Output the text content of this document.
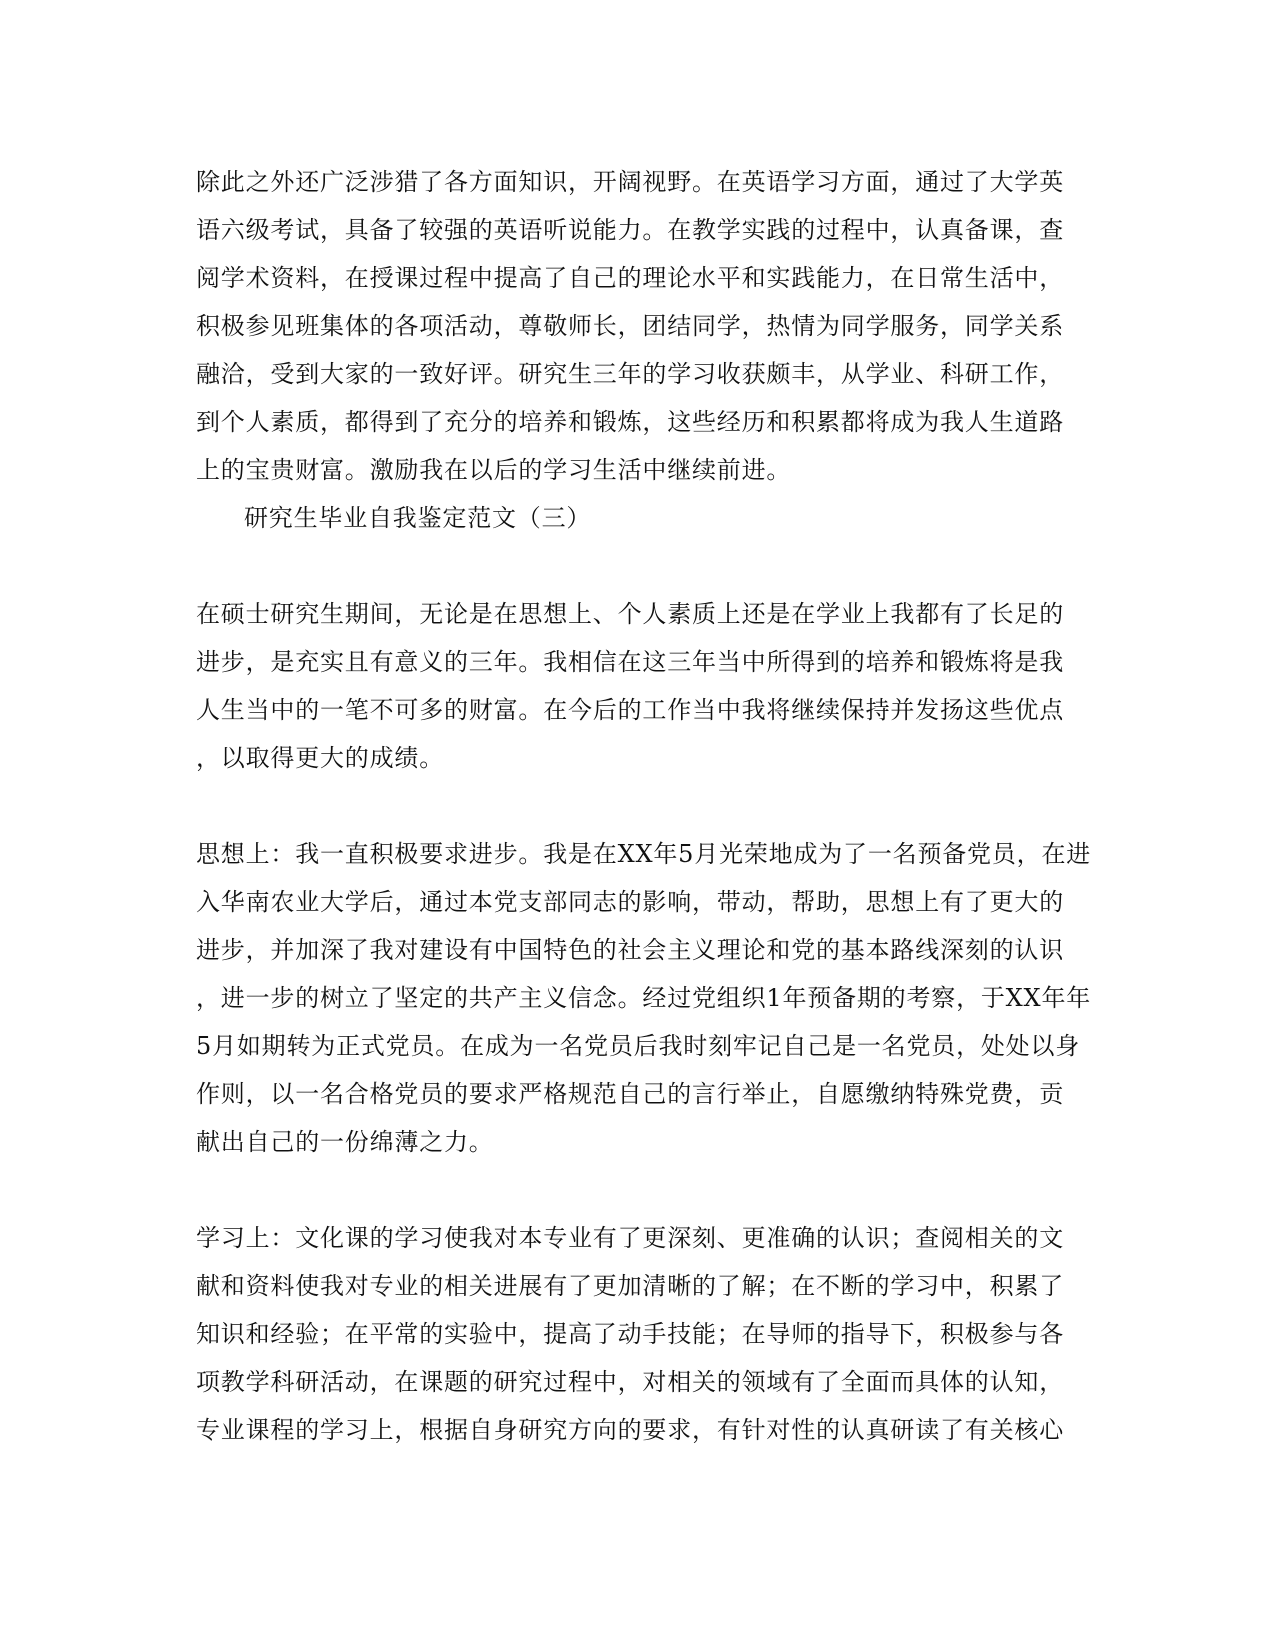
除此之外还广泛涉猎了各方面知识，开阔视野。在英语学习方面，通过了大学英
语六级考试，具备了较强的英语听说能力。在教学实践的过程中，认真备课，查
阅学术资料，在授课过程中提高了自己的理论水平和实践能力，在日常生活中，
积极参见班集体的各项活动，尊敬师长，团结同学，热情为同学服务，同学关系
融洽，受到大家的一致好评。研究生三年的学习收获颇丰，从学业、科研工作，
到个人素质，都得到了充分的培养和锻炼，这些经历和积累都将成为我人生道路
上的宝贵财富。激励我在以后的学习生活中继续前进。
研究生毕业自我鉴定范文（三）
在硕士研究生期间，无论是在思想上、个人素质上还是在学业上我都有了长足的
进步，是充实且有意义的三年。我相信在这三年当中所得到的培养和锻炼将是我
人生当中的一笔不可多的财富。在今后的工作当中我将继续保持并发扬这些优点
，以取得更大的成绩。
思想上：我一直积极要求进步。我是在XX年5月光荣地成为了一名预备党员，在进
入华南农业大学后，通过本党支部同志的影响，带动，帮助，思想上有了更大的
进步，并加深了我对建设有中国特色的社会主义理论和党的基本路线深刻的认识
，进一步的树立了坚定的共产主义信念。经过党组织1年预备期的考察，于XX年年
5月如期转为正式党员。在成为一名党员后我时刻牢记自己是一名党员，处处以身
作则，以一名合格党员的要求严格规范自己的言行举止，自愿缴纳特殊党费，贡
献出自己的一份绵薄之力。
学习上：文化课的学习使我对本专业有了更深刻、更准确的认识；查阅相关的文
献和资料使我对专业的相关进展有了更加清晰的了解；在不断的学习中，积累了
知识和经验；在平常的实验中，提高了动手技能；在导师的指导下，积极参与各
项教学科研活动，在课题的研究过程中，对相关的领域有了全面而具体的认知，
专业课程的学习上，根据自身研究方向的要求，有针对性的认真研读了有关核心
